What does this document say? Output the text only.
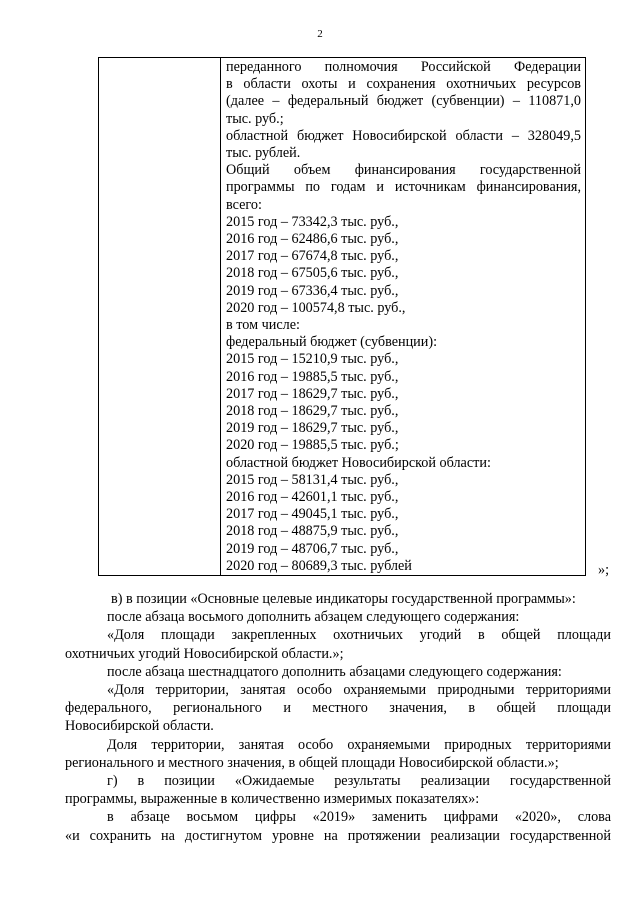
2

переданного полномочия Российской Федерации
в области охоты и сохранения охотничьих ресурсов
(далее – федеральный бюджет (субвенции) – 110871,0
тыс. руб.;
областной бюджет Новосибирской области – 328049,5
тыс. рублей.
Общий объем финансирования государственной
программы по годам и источникам финансирования,
всего:
2015 год – 73342,3 тыс. руб.,
2016 год – 62486,6 тыс. руб.,
2017 год – 67674,8 тыс. руб.,
2018 год – 67505,6 тыс. руб.,
2019 год – 67336,4 тыс. руб.,
2020 год – 100574,8 тыс. руб.,
в том числе:
федеральный бюджет (субвенции):
2015 год – 15210,9 тыс. руб.,
2016 год – 19885,5 тыс. руб.,
2017 год – 18629,7 тыс. руб.,
2018 год – 18629,7 тыс. руб.,
2019 год – 18629,7 тыс. руб.,
2020 год – 19885,5 тыс. руб.;
областной бюджет Новосибирской области:
2015 год – 58131,4 тыс. руб.,
2016 год – 42601,1 тыс. руб.,
2017 год – 49045,1 тыс. руб.,
2018 год – 48875,9 тыс. руб.,
2019 год – 48706,7 тыс. руб.,
2020 год – 80689,3 тыс. рублей	»;
в) в позиции «Основные целевые индикаторы государственной программы»:
после абзаца восьмого дополнить абзацем следующего содержания:
«Доля площади закрепленных охотничьих угодий в общей площади
охотничьих угодий Новосибирской области.»;
после абзаца шестнадцатого дополнить абзацами следующего содержания:
«Доля территории, занятая особо охраняемыми природными территориями
федерального, регионального и местного значения, в общей площади
Новосибирской области.
Доля территории, занятая особо охраняемыми природных территориями
регионального и местного значения, в общей площади Новосибирской области.»;
г) в позиции «Ожидаемые результаты реализации государственной
программы, выраженные в количественно измеримых показателях»:
в абзаце восьмом цифры «2019» заменить цифрами «2020», слова
«и сохранить на достигнутом уровне на протяжении реализации государственной
